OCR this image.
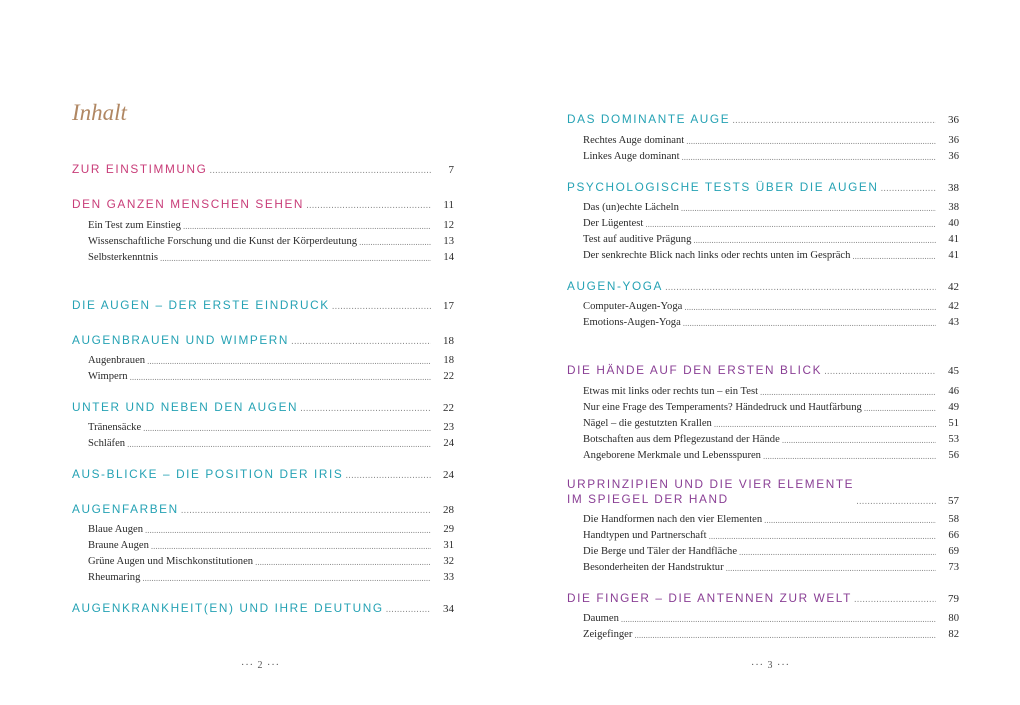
Inhalt
ZUR EINSTIMMUNG .....	7
DEN GANZEN MENSCHEN SEHEN .....	11
Ein Test zum Einstieg .....	12
Wissenschaftliche Forschung und die Kunst der Körperdeutung .....	13
Selbsterkenntnis .....	14
DIE AUGEN – DER ERSTE EINDRUCK .....	17
AUGENBRAUEN UND WIMPERN .....	18
Augenbrauen .....	18
Wimpern .....	22
UNTER UND NEBEN DEN AUGEN .....	22
Tränensäcke .....	23
Schläfen .....	24
AUS-BLICKE – DIE POSITION DER IRIS .....	24
AUGENFARBEN .....	28
Blaue Augen .....	29
Braune Augen .....	31
Grüne Augen und Mischkonstitutionen .....	32
Rheumaring .....	33
AUGENKRANKHEIT(EN) UND IHRE DEUTUNG .....	34
··· 2 ···
DAS DOMINANTE AUGE .....	36
Rechtes Auge dominant .....	36
Linkes Auge dominant .....	36
PSYCHOLOGISCHE TESTS ÜBER DIE AUGEN .....	38
Das (un)echte Lächeln .....	38
Der Lügentest .....	40
Test auf auditive Prägung .....	41
Der senkrechte Blick nach links oder rechts unten im Gespräch .....	41
AUGEN-YOGA .....	42
Computer-Augen-Yoga .....	42
Emotions-Augen-Yoga .....	43
DIE HÄNDE AUF DEN ERSTEN BLICK .....	45
Etwas mit links oder rechts tun – ein Test .....	46
Nur eine Frage des Temperaments? Händedruck und Hautfärbung .....	49
Nägel – die gestutzten Krallen .....	51
Botschaften aus dem Pflegezustand der Hände .....	53
Angeborene Merkmale und Lebensspuren .....	56
URPRINZIPIEN UND DIE VIER ELEMENTE
IM SPIEGEL DER HAND .....	57
Die Handformen nach den vier Elementen .....	58
Handtypen und Partnerschaft .....	66
Die Berge und Täler der Handfläche .....	69
Besonderheiten der Handstruktur .....	73
DIE FINGER – DIE ANTENNEN ZUR WELT .....	79
Daumen .....	80
Zeigefinger .....	82
··· 3 ···
